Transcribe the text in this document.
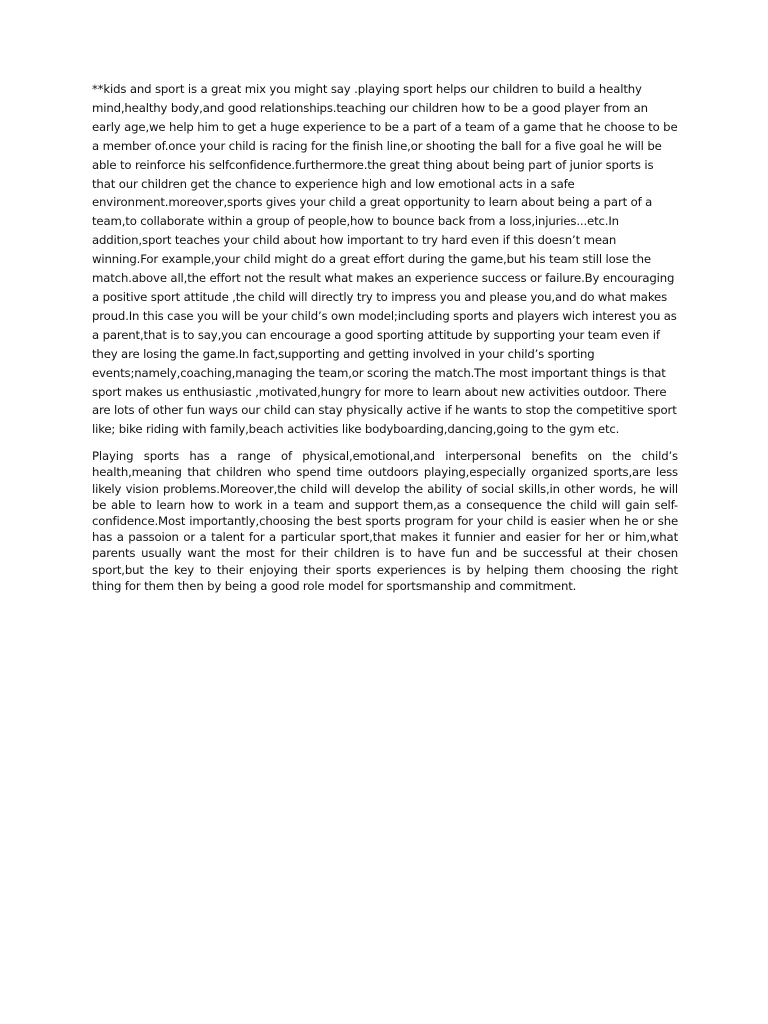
**kids and sport is a great mix you might say .playing sport helps our children to build a healthy mind,healthy body,and good relationships.teaching our children how to be a good player from an early age,we help him to get a huge experience to be a part of a team of a game that he choose to be a member of.once your child is racing for the finish line,or shooting the ball for a five goal he will be able to reinforce his selfconfidence.furthermore.the great thing about being part of junior sports is that our children get the chance to experience high and low emotional acts in a safe environment.moreover,sports gives your child a great opportunity to learn about being a part of a team,to collaborate within a group of people,how to bounce back from a loss,injuries...etc.In addition,sport teaches your child about how important to try hard even if this doesn’t mean winning.For example,your child might do a great effort during the game,but his team still lose the match.above all,the effort not the result what makes an experience success or failure.By encouraging a positive sport attitude ,the child will directly try to impress you and please you,and do what makes proud.In this case you will be your child’s own model;including sports and players wich interest you as a parent,that is to say,you can encourage a good sporting attitude by supporting your team even if they are losing the game.In fact,supporting and getting involved in your child’s sporting events;namely,coaching,managing the team,or scoring the match.The most important things is that sport makes us enthusiastic ,motivated,hungry for more to learn about new activities outdoor. There are lots of other fun ways our child can stay physically active if he wants to stop the competitive sport like; bike riding with family,beach activities like bodyboarding,dancing,going to the gym etc.

Playing sports has a range of physical,emotional,and interpersonal benefits on the child’s health,meaning that children who spend time outdoors playing,especially organized sports,are less likely vision problems.Moreover,the child will develop the ability of social skills,in other words, he will be able to learn how to work in a team and support them,as a consequence the child will gain self-confidence.Most importantly,choosing the best sports program for your child is easier when he or she has a passoion or a talent for a particular sport,that makes it funnier and easier for her or him,what parents usually want the most for their children is to have fun and be successful at their chosen sport,but the key to their enjoying their sports experiences is by helping them choosing the right thing for them then by being a good role model for sportsmanship and commitment.
